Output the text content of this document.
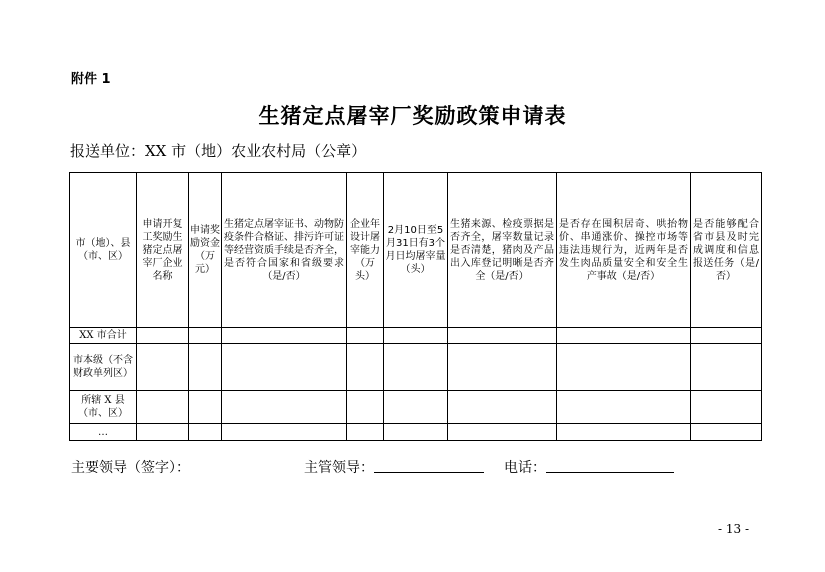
附件 1
生猪定点屠宰厂奖励政策申请表
报送单位：XX 市（地）农业农村局（公章）
市（地）、县（市、区）	申请开复工奖励生猪定点屠宰厂企业名称	申请奖励资金（万元）	生猪定点屠宰证书、动物防疫条件合格证、排污许可证等经营资质手续是否齐全，是否符合国家和省级要求（是/否）	企业年设计屠宰能力（万头）	2月10日至5月31日有3个月日均屠宰量（头）	生猪来源、检疫票据是否齐全，屠宰数量记录是否清楚，猪肉及产品出入库登记明晰是否齐全（是/否）	是否存在囤积居奇、哄抬物价、串通涨价、操控市场等违法违规行为，近两年是否发生肉品质量安全和安全生产事故（是/否）	是否能够配合省市县及时完成调度和信息报送任务（是/否）
XX 市合计								
市本级（不含财政单列区）								
所辖 X 县（市、区）								
…								
主要领导（签字）：	主管领导：	电话：
- 13 -
